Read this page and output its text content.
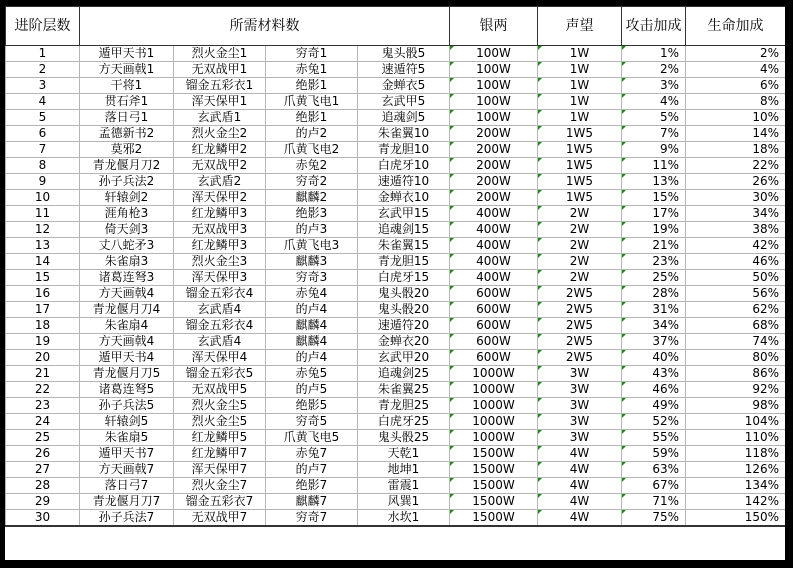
进阶层数	所需材料数				银两	声望	攻击加成	生命加成
1	遁甲天书1	烈火金尘1	穷奇1	鬼头骰5	100W	1W	1%	2%
2	方天画戟1	无双战甲1	赤兔1	速遁符5	100W	1W	2%	4%
3	干将1	镏金五彩衣1	绝影1	金蝉衣5	100W	1W	3%	6%
4	贯石斧1	浑天保甲1	爪黄飞电1	玄武甲5	100W	1W	4%	8%
5	落日弓1	玄武盾1	绝影1	追魂剑5	100W	1W	5%	10%
6	孟德新书2	烈火金尘2	的卢2	朱雀翼10	200W	1W5	7%	14%
7	莫邪2	红龙鳞甲2	爪黄飞电2	青龙胆10	200W	1W5	9%	18%
8	青龙偃月刀2	无双战甲2	赤兔2	白虎牙10	200W	1W5	11%	22%
9	孙子兵法2	玄武盾2	穷奇2	速遁符10	200W	1W5	13%	26%
10	轩辕剑2	浑天保甲2	麒麟2	金蝉衣10	200W	1W5	15%	30%
11	涯角枪3	红龙鳞甲3	绝影3	玄武甲15	400W	2W	17%	34%
12	倚天剑3	无双战甲3	的卢3	追魂剑15	400W	2W	19%	38%
13	丈八蛇矛3	红龙鳞甲3	爪黄飞电3	朱雀翼15	400W	2W	21%	42%
14	朱雀扇3	烈火金尘3	麒麟3	青龙胆15	400W	2W	23%	46%
15	诸葛连弩3	浑天保甲3	穷奇3	白虎牙15	400W	2W	25%	50%
16	方天画戟4	镏金五彩衣4	赤兔4	鬼头骰20	600W	2W5	28%	56%
17	青龙偃月刀4	玄武盾4	的卢4	鬼头骰20	600W	2W5	31%	62%
18	朱雀扇4	镏金五彩衣4	麒麟4	速遁符20	600W	2W5	34%	68%
19	方天画戟4	玄武盾4	麒麟4	金蝉衣20	600W	2W5	37%	74%
20	遁甲天书4	浑天保甲4	的卢4	玄武甲20	600W	2W5	40%	80%
21	青龙偃月刀5	镏金五彩衣5	赤兔5	追魂剑25	1000W	3W	43%	86%
22	诸葛连弩5	无双战甲5	的卢5	朱雀翼25	1000W	3W	46%	92%
23	孙子兵法5	烈火金尘5	绝影5	青龙胆25	1000W	3W	49%	98%
24	轩辕剑5	烈火金尘5	穷奇5	白虎牙25	1000W	3W	52%	104%
25	朱雀扇5	红龙鳞甲5	爪黄飞电5	鬼头骰25	1000W	3W	55%	110%
26	遁甲天书7	红龙鳞甲7	赤兔7	天乾1	1500W	4W	59%	118%
27	方天画戟7	浑天保甲7	的卢7	地坤1	1500W	4W	63%	126%
28	落日弓7	烈火金尘7	绝影7	雷震1	1500W	4W	67%	134%
29	青龙偃月刀7	镏金五彩衣7	麒麟7	风巽1	1500W	4W	71%	142%
30	孙子兵法7	无双战甲7	穷奇7	水坎1	1500W	4W	75%	150%
